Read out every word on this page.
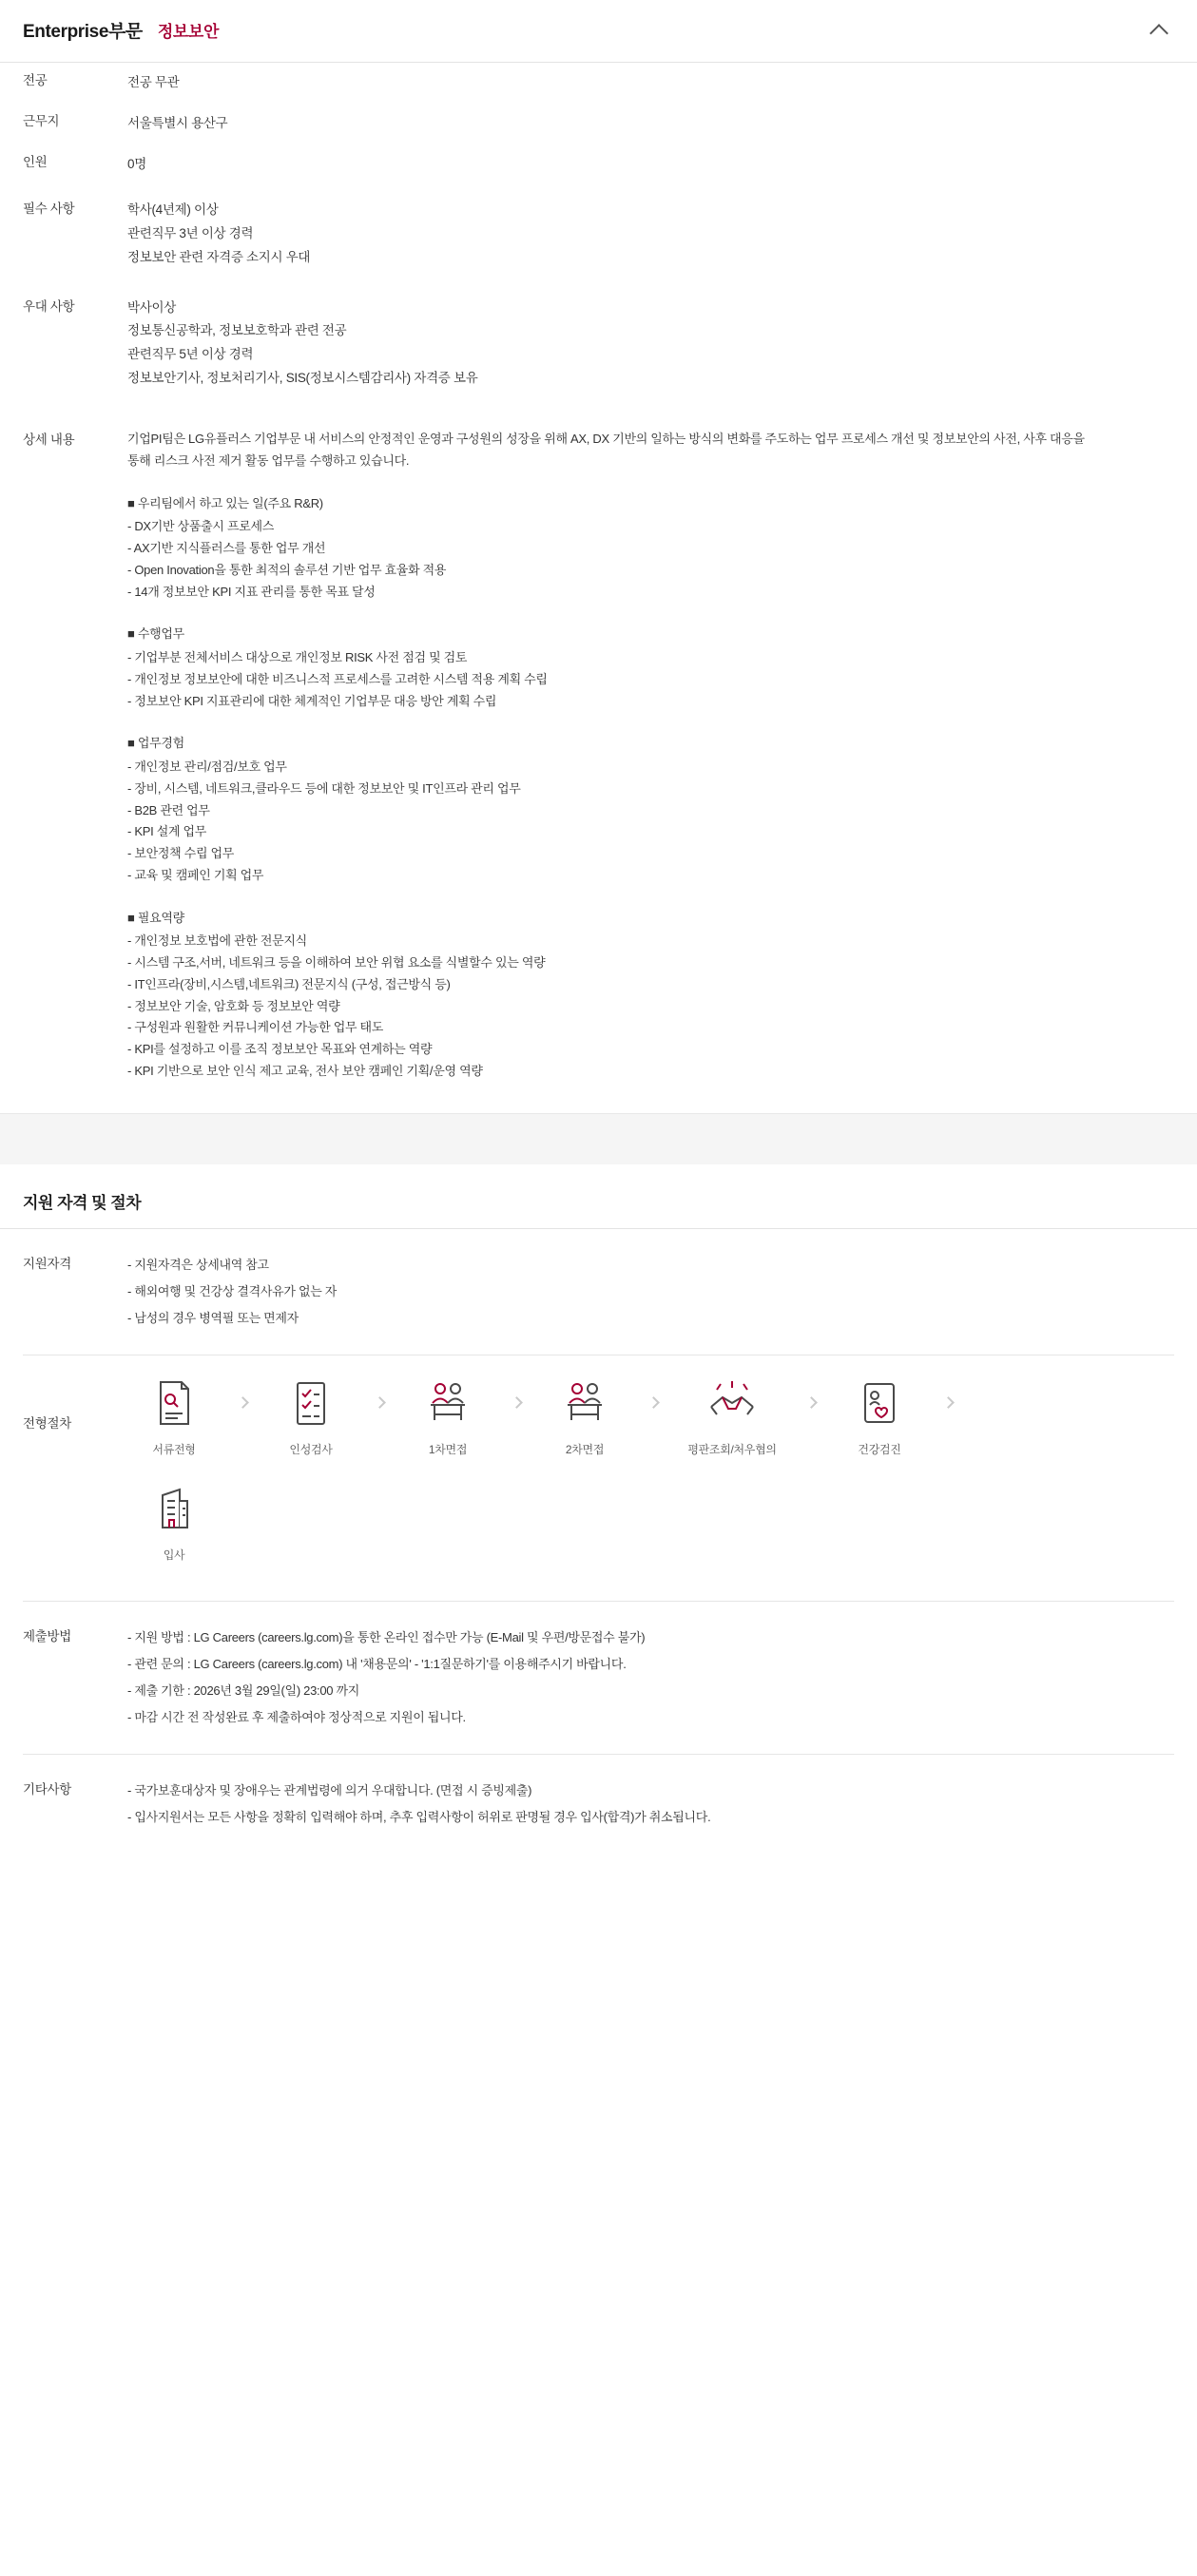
Enterprise부문 정보보안
전공	전공 무관
근무지	서울특별시 용산구
인원	0명
필수 사항	학사(4년제) 이상
관련직무 3년 이상 경력
정보보안 관련 자격증 소지시 우대
우대 사항	박사이상
정보통신공학과, 정보보호학과 관련 전공
관련직무 5년 이상 경력
정보보안기사, 정보처리기사, SIS(정보시스템감리사) 자격증 보유
상세 내용	기업PI팀은 LG유플러스 기업부문 내 서비스의 안정적인 운영과 구성원의 성장을 위해 AX, DX 기반의 일하는 방식의 변화를 주도하는 업무 프로세스 개선 및 정보보안의 사전, 사후 대응을 통해 리스크 사전 제거 활동 업무를 수행하고 있습니다.

■ 우리팀에서 하고 있는 일(주요 R&R)
- DX기반 상품출시 프로세스
- AX기반 지식플러스를 통한 업무 개선
- Open Inovation을 통한 최적의 솔루션 기반 업무 효율화 적용
- 14개 정보보안 KPI 지표 관리를 통한 목표 달성
■ 수행업무
- 기업부분 전체서비스 대상으로 개인정보 RISK 사전 점검 및 검토
- 개인정보 정보보안에 대한 비즈니스적 프로세스를 고려한 시스템 적용 계획 수립
- 정보보안 KPI 지표관리에 대한 체계적인 기업부문 대응 방안 계획 수립
■ 업무경험
- 개인정보 관리/점검/보호 업무
- 장비, 시스템, 네트워크,클라우드 등에 대한 정보보안 및 IT인프라 관리 업무
- B2B 관련 업무
- KPI 설계 업무
- 보안정책 수립 업무
- 교육 및 캠페인 기획 업무
■ 필요역량
- 개인정보 보호법에 관한 전문지식
- 시스템 구조,서버, 네트워크 등을 이해하여 보안 위협 요소를 식별할수 있는 역량
- IT인프라(장비,시스템,네트워크) 전문지식 (구성, 접근방식 등)
- 정보보안 기술, 암호화 등 정보보안 역량
- 구성원과 원활한 커뮤니케이션 가능한 업무 태도
- KPI를 설정하고 이를 조직 정보보안 목표와 연계하는 역량
- KPI 기반으로 보안 인식 제고 교육, 전사 보안 캠페인 기획/운영 역량
지원 자격 및 절차
지원자격	- 지원자격은 상세내역 참고
- 해외여행 및 건강상 결격사유가 없는 자
- 남성의 경우 병역필 또는 면제자
전형절차
서류전형	인성검사	1차면접	2차면접	평판조회/처우협의	건강검진
입사
제출방법	- 지원 방법 : LG Careers (careers.lg.com)을 통한 온라인 접수만 가능 (E-Mail 및 우편/방문접수 불가)
- 관련 문의 : LG Careers (careers.lg.com) 내 '채용문의' - '1:1질문하기'를 이용해주시기 바랍니다.
- 제출 기한 : 2026년 3월 29일(일) 23:00 까지
- 마감 시간 전 작성완료 후 제출하여야 정상적으로 지원이 됩니다.
기타사항	- 국가보훈대상자 및 장애우는 관계법령에 의거 우대합니다. (면접 시 증빙제출)
- 입사지원서는 모든 사항을 정확히 입력해야 하며, 추후 입력사항이 허위로 판명될 경우 입사(합격)가 취소됩니다.
